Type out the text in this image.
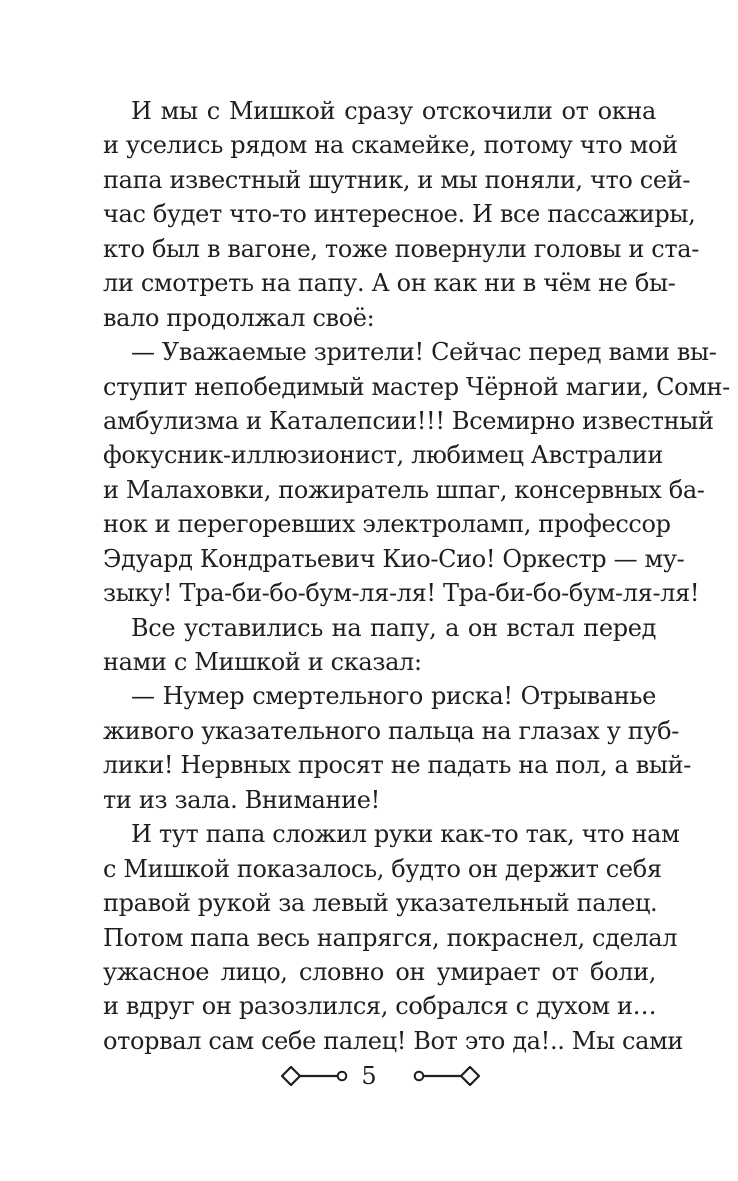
И мы с Мишкой сразу отскочили от окна
и уселись рядом на скамейке, потому что мой
папа известный шутник, и мы поняли, что сей-
час будет что-то интересное. И все пассажиры,
кто был в вагоне, тоже повернули головы и ста-
ли смотреть на папу. А он как ни в чём не бы-
вало продолжал своё:
— Уважаемые зрители! Сейчас перед вами вы-
ступит непобедимый мастер Чёрной магии, Сомн-
амбулизма и Каталепсии!!! Всемирно известный
фокусник-иллюзионист, любимец Австралии
и Малаховки, пожиратель шпаг, консервных ба-
нок и перегоревших электроламп, профессор
Эдуард Кондратьевич Кио-Сио! Оркестр — му-
зыку! Тра-би-бо-бум-ля-ля! Тра-би-бо-бум-ля-ля!
Все уставились на папу, а он встал перед
нами с Мишкой и сказал:
— Нумер смертельного риска! Отрыванье
живого указательного пальца на глазах у пуб-
лики! Нервных просят не падать на пол, а вый-
ти из зала. Внимание!
И тут папа сложил руки как-то так, что нам
с Мишкой показалось, будто он держит себя
правой рукой за левый указательный палец.
Потом папа весь напрягся, покраснел, сделал
ужасное лицо, словно он умирает от боли,
и вдруг он разозлился, собрался с духом и…
оторвал сам себе палец! Вот это да!.. Мы сами
5
